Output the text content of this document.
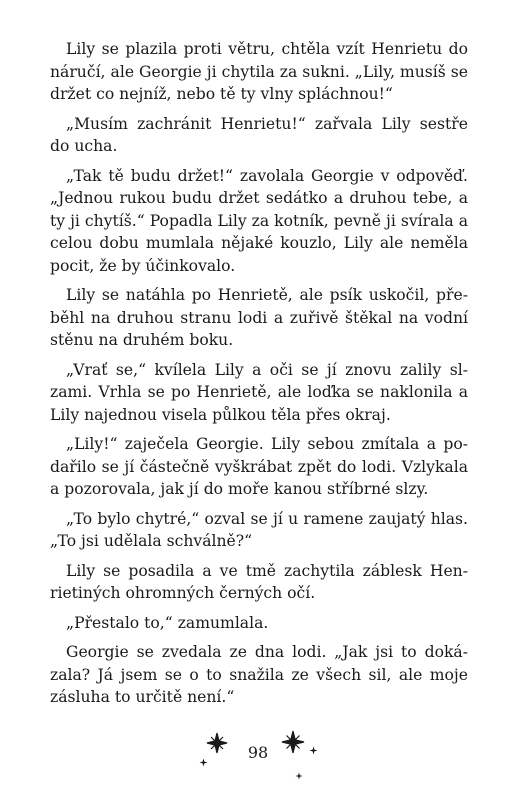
Lily se plazila proti větru, chtěla vzít Henrietu do náručí, ale Georgie ji chytila za sukni. „Lily, musíš se držet co nejníž, nebo tě ty vlny spláchnou!“

„Musím zachránit Henrietu!“ zařvala Lily sestře do ucha.

„Tak tě budu držet!“ zavolala Georgie v odpověď. „Jednou rukou budu držet sedátko a druhou tebe, a ty ji chytíš.“ Popadla Lily za kotník, pevně ji svírala a celou dobu mumlala nějaké kouzlo, Lily ale neměla pocit, že by účinkovalo.

Lily se natáhla po Henrietě, ale psík uskočil, přeběhl na druhou stranu lodi a zuřivě štěkal na vodní stěnu na druhém boku.

„Vrať se,“ kvílela Lily a oči se jí znovu zalily slzami. Vrhla se po Henrietě, ale loďka se naklonila a Lily najednou visela půlkou těla přes okraj.

„Lily!“ zaječela Georgie. Lily sebou zmítala a podařilo se jí částečně vyškrábat zpět do lodi. Vzlykala a pozorovala, jak jí do moře kanou stříbrné slzy.

„To bylo chytré,“ ozval se jí u ramene zaujatý hlas. „To jsi udělala schválně?“

Lily se posadila a ve tmě zachytila záblesk Henrietiných ohromných černých očí.

„Přestalo to,“ zamumlala.

Georgie se zvedala ze dna lodi. „Jak jsi to dokázala? Já jsem se o to snažila ze všech sil, ale moje zásluha to určitě není.“

98
